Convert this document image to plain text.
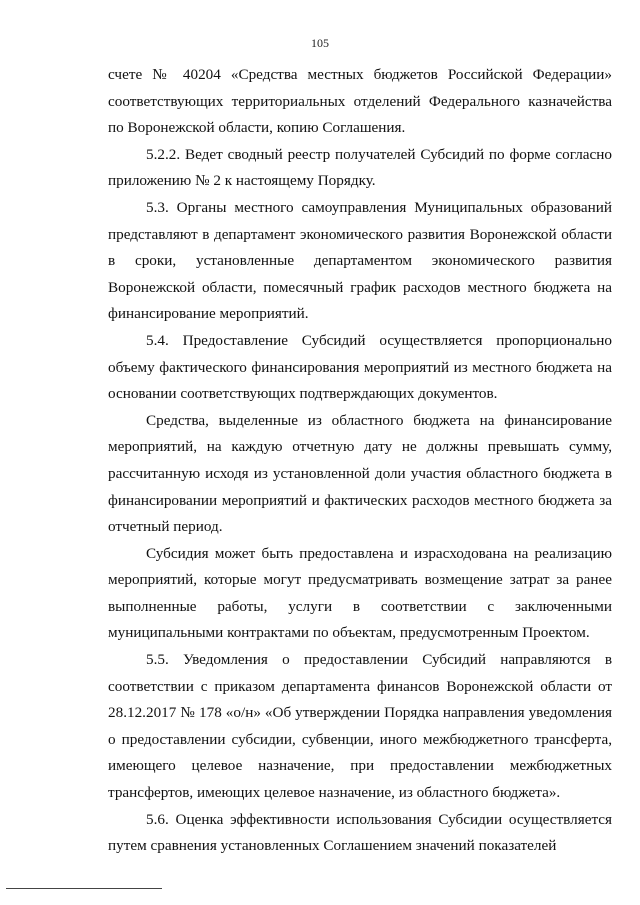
105

счете № 40204 «Средства местных бюджетов Российской Федерации» соответствующих территориальных отделений Федерального казначейства по Воронежской области, копию Соглашения.

5.2.2. Ведет сводный реестр получателей Субсидий по форме согласно приложению № 2 к настоящему Порядку.

5.3. Органы местного самоуправления Муниципальных образований представляют в департамент экономического развития Воронежской области в сроки, установленные департаментом экономического развития Воронежской области, помесячный график расходов местного бюджета на финансирование мероприятий.

5.4. Предоставление Субсидий осуществляется пропорционально объему фактического финансирования мероприятий из местного бюджета на основании соответствующих подтверждающих документов.

Средства, выделенные из областного бюджета на финансирование мероприятий, на каждую отчетную дату не должны превышать сумму, рассчитанную исходя из установленной доли участия областного бюджета в финансировании мероприятий и фактических расходов местного бюджета за отчетный период.

Субсидия может быть предоставлена и израсходована на реализацию мероприятий, которые могут предусматривать возмещение затрат за ранее выполненные работы, услуги в соответствии с заключенными муниципальными контрактами по объектам, предусмотренным Проектом.

5.5. Уведомления о предоставлении Субсидий направляются в соответствии с приказом департамента финансов Воронежской области от 28.12.2017 № 178 «о/н» «Об утверждении Порядка направления уведомления о предоставлении субсидии, субвенции, иного межбюджетного трансферта, имеющего целевое назначение, при предоставлении межбюджетных трансфертов, имеющих целевое назначение, из областного бюджета».

5.6. Оценка эффективности использования Субсидии осуществляется путем сравнения установленных Соглашением значений показателей
